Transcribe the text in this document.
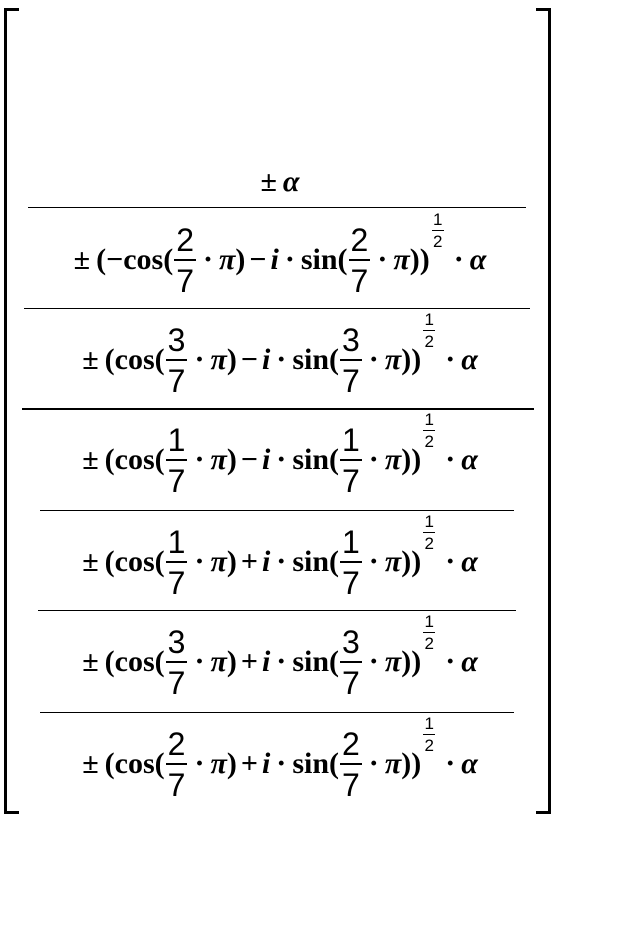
± α
± ( − $\cos( \frac{2}{7} \cdot \pi$ ) − $i \cdot \sin( \frac{2}{7} \cdot \pi$ ))
$\frac{1}{2}$
· α
± ( $\cos( \frac{3}{7} \cdot \pi$ ) − $i \cdot \sin( \frac{3}{7} \cdot \pi$ ))
$\frac{1}{2}$
· α
± ( $\cos( \frac{1}{7} \cdot \pi$ ) − $i \cdot \sin( \frac{1}{7} \cdot \pi$ ))
$\frac{1}{2}$
· α
± ( $\cos( \frac{1}{7} \cdot \pi$ ) + $i \cdot \sin( \frac{1}{7} \cdot \pi$ ))
$\frac{1}{2}$
· α
± ( $\cos( \frac{3}{7} \cdot \pi$ ) + $i \cdot \sin( \frac{3}{7} \cdot \pi$ ))
$\frac{1}{2}$
· α
± ( $\cos( \frac{2}{7} \cdot \pi$ ) + $i \cdot \sin( \frac{2}{7} \cdot \pi$ ))
$\frac{1}{2}$
· α
